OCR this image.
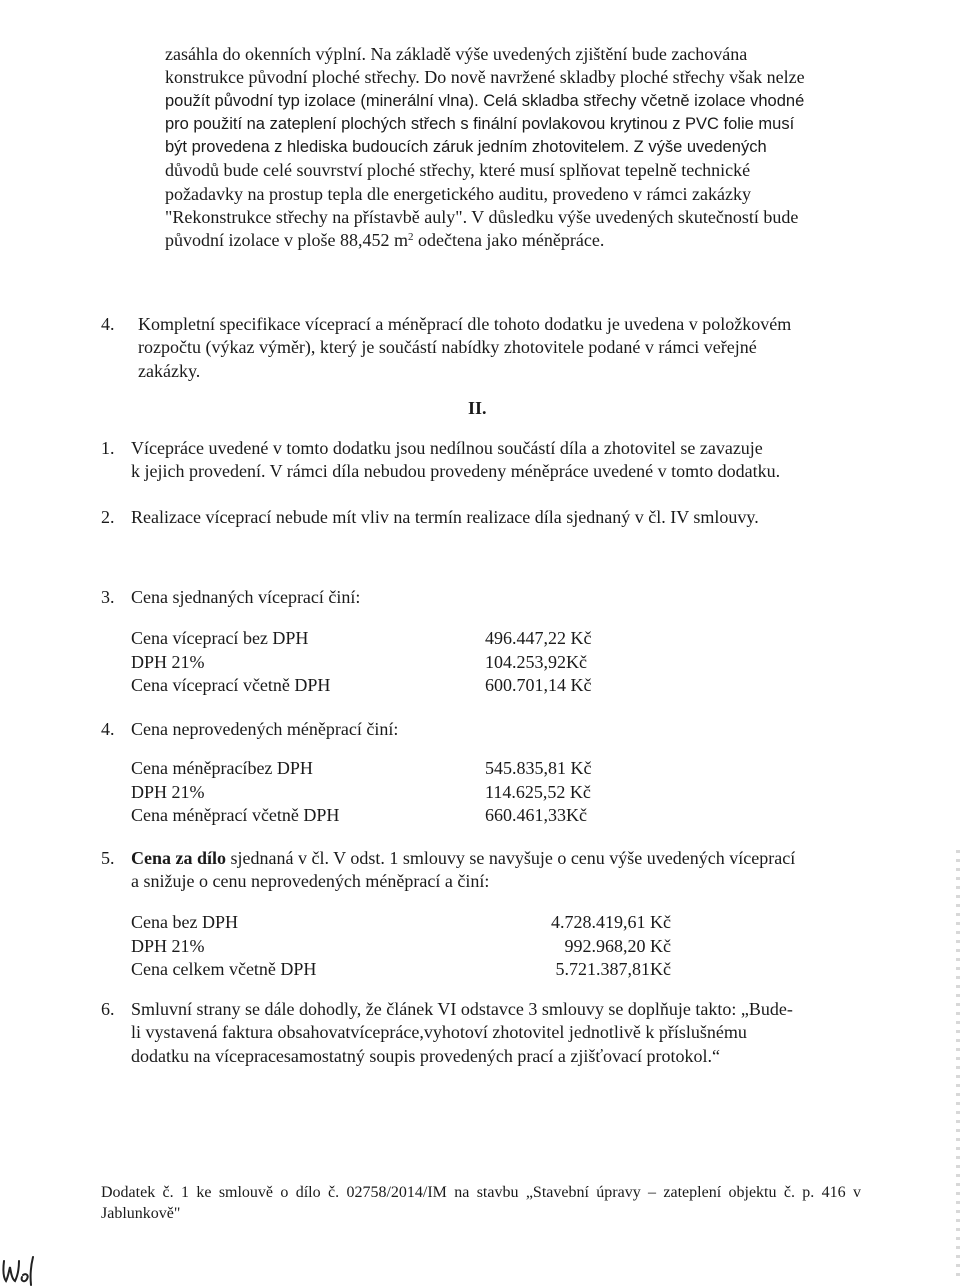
zasáhla do okenních výplní. Na základě výše uvedených zjištění bude zachována
konstrukce původní ploché střechy. Do nově navržené skladby ploché střechy však nelze
použít původní typ izolace (minerální vlna). Celá skladba střechy včetně izolace vhodné
pro použití na zateplení plochých střech s finální povlakovou krytinou z PVC folie musí
být provedena z hlediska budoucích záruk jedním zhotovitelem. Z výše uvedených
důvodů bude celé souvrství ploché střechy, které musí splňovat tepelně technické
požadavky na prostup tepla dle energetického auditu, provedeno v rámci zakázky
"Rekonstrukce střechy na přístavbě auly". V důsledku výše uvedených skutečností bude
původní izolace v ploše 88,452 $m^2$ odečtena jako méněpráce.
4. Kompletní specifikace víceprací a méněprací dle tohoto dodatku je uvedena v položkovém
rozpočtu (výkaz výměr), který je součástí nabídky zhotovitele podané v rámci veřejné
zakázky.
II.
1. Vícepráce uvedené v tomto dodatku jsou nedílnou součástí díla a zhotovitel se zavazuje
k jejich provedení. V rámci díla nebudou provedeny méněpráce uvedené v tomto dodatku.
2. Realizace víceprací nebude mít vliv na termín realizace díla sjednaný v čl. IV smlouvy.
3. Cena sjednaných víceprací činí:
Cena víceprací bez DPH	496.447,22 Kč
DPH 21%	104.253,92Kč
Cena víceprací včetně DPH	600.701,14 Kč
4. Cena neprovedených méněprací činí:
Cena méněpracíbez DPH	545.835,81 Kč
DPH 21%	114.625,52 Kč
Cena méněprací včetně DPH	660.461,33Kč
5. Cena za dílo sjednaná v čl. V odst. 1 smlouvy se navyšuje o cenu výše uvedených víceprací
a snižuje o cenu neprovedených méněprací a činí:
Cena bez DPH	4.728.419,61 Kč
DPH 21%	992.968,20 Kč
Cena celkem včetně DPH	5.721.387,81Kč
6. Smluvní strany se dále dohodly, že článek VI odstavce 3 smlouvy se doplňuje takto: „Bude-
li vystavená faktura obsahovatvícepráce,vyhotoví zhotovitel jednotlivě k příslušnému
dodatku na vícepracesamostatný soupis provedených prací a zjišťovací protokol.“
Dodatek č. 1 ke smlouvě o dílo č. 02758/2014/IM na stavbu „Stavební úpravy – zateplení objektu č. p. 416 v
Jablunkově"
